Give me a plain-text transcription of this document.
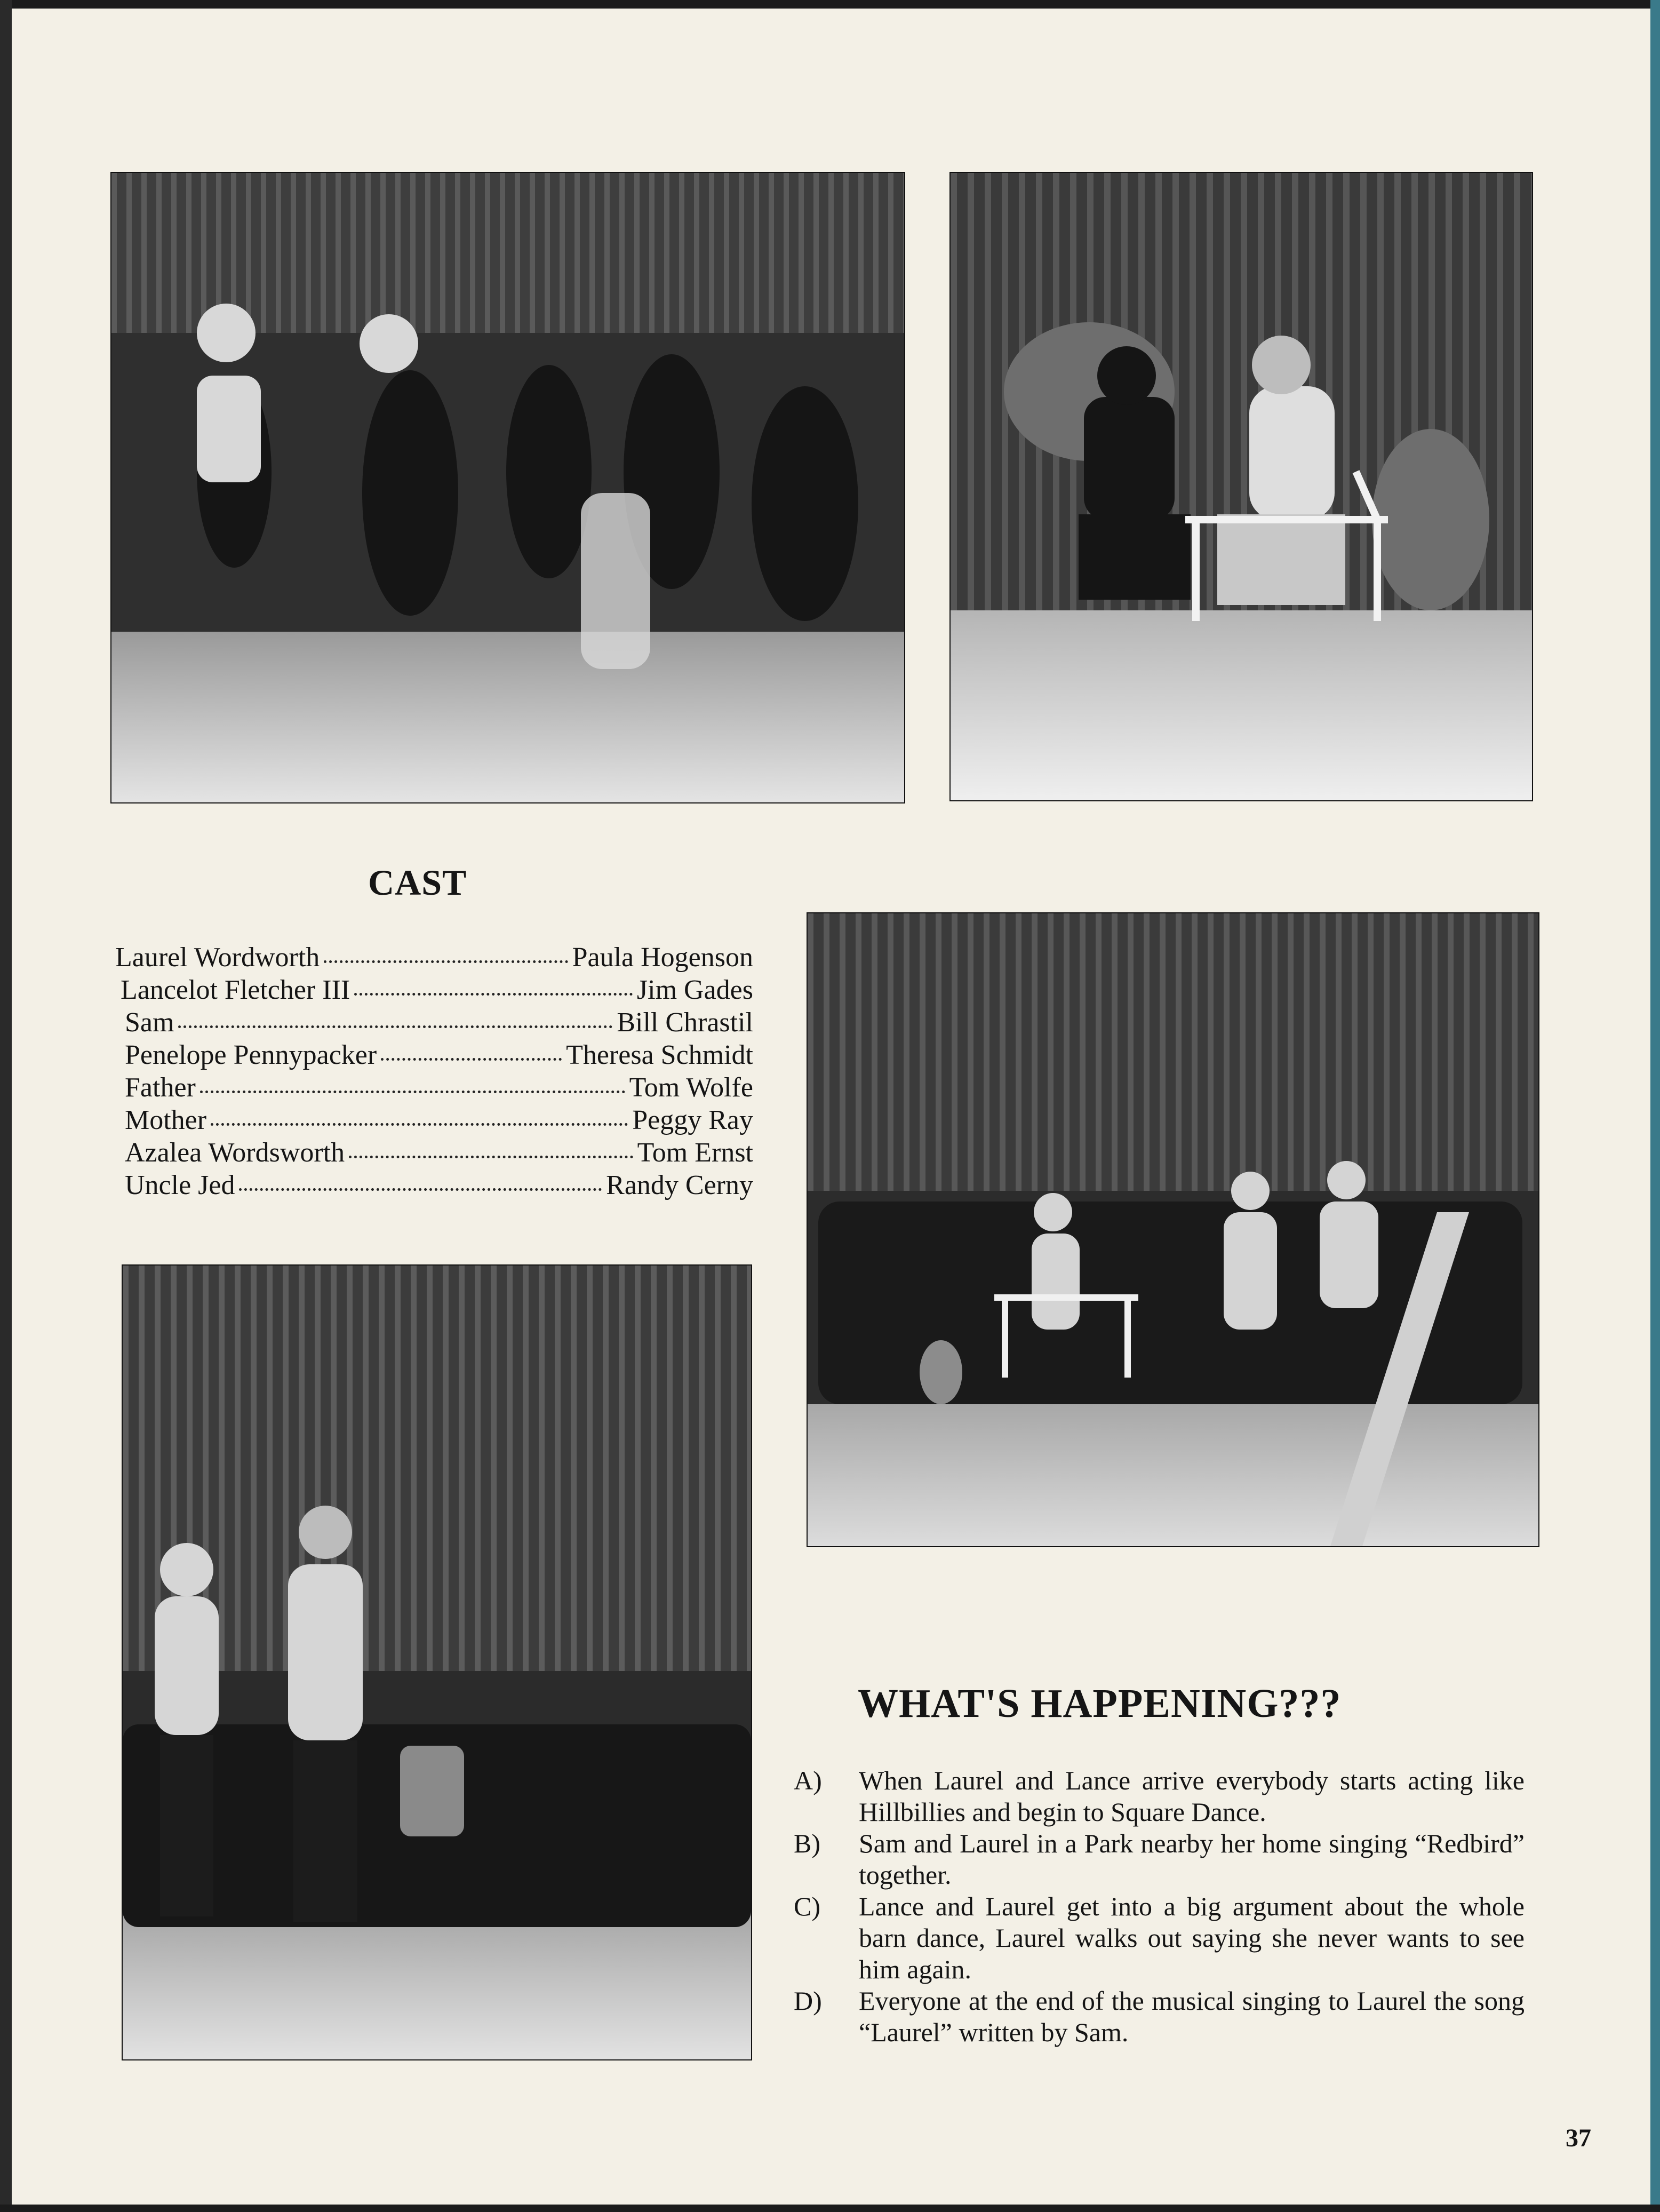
CAST
Laurel Wordworth	Paula Hogenson
Lancelot Fletcher III	Jim Gades
Sam	Bill Chrastil
Penelope Pennypacker	Theresa Schmidt
Father	Tom Wolfe
Mother	Peggy Ray
Azalea Wordsworth	Tom Ernst
Uncle Jed	Randy Cerny
WHAT'S HAPPENING???
A)	When Laurel and Lance arrive everybody starts acting like Hillbillies and begin to Square Dance.
B)	Sam and Laurel in a Park nearby her home singing “Redbird” together.
C)	Lance and Laurel get into a big argument about the whole barn dance, Laurel walks out saying she never wants to see him again.
D)	Everyone at the end of the musical singing to Laurel the song “Laurel” written by Sam.
37
